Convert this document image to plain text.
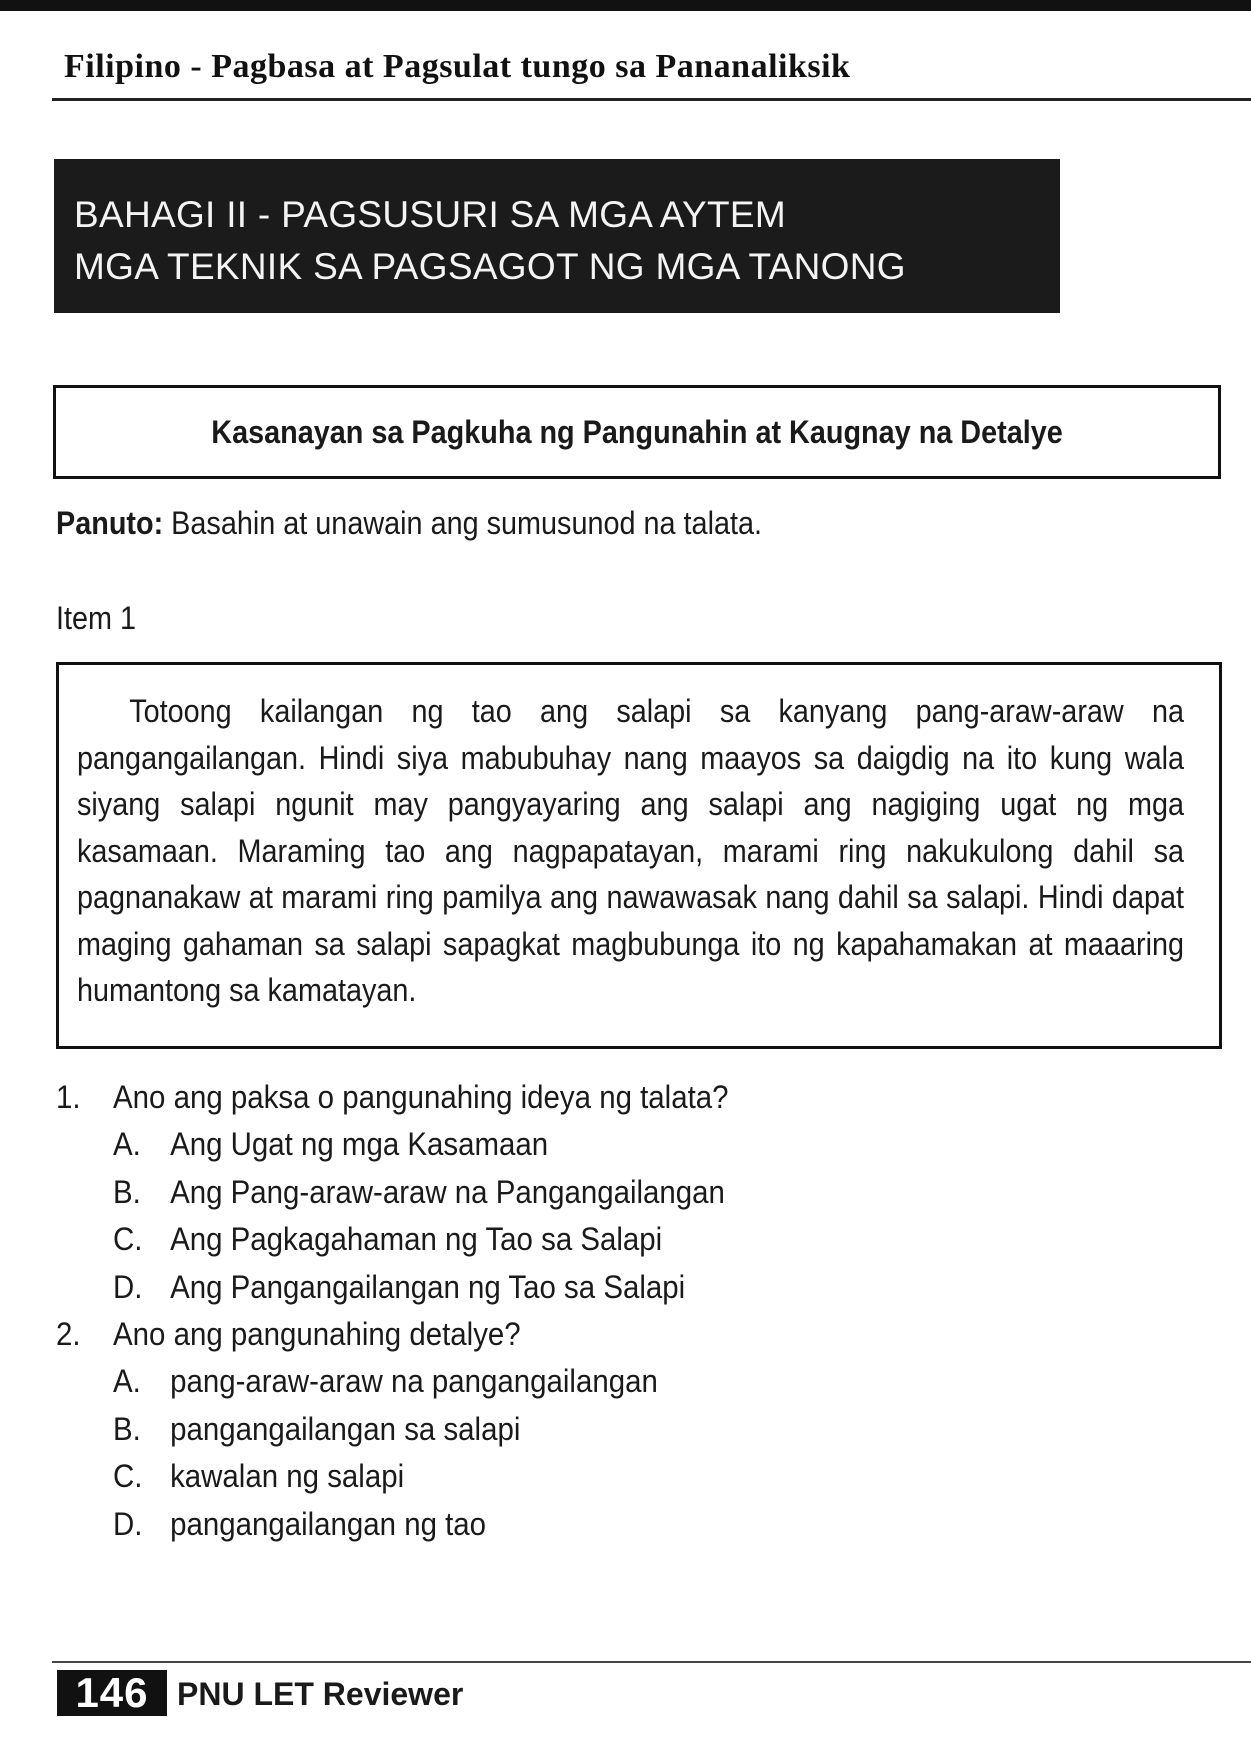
Filipino - Pagbasa at Pagsulat tungo sa Pananaliksik
BAHAGI II - PAGSUSURI SA MGA AYTEM
MGA TEKNIK SA PAGSAGOT NG MGA TANONG
Kasanayan sa Pagkuha ng Pangunahin at Kaugnay na Detalye
Panuto: Basahin at unawain ang sumusunod na talata.
Item 1

Totoong kailangan ng tao ang salapi sa kanyang pang-araw-araw na pangangailangan. Hindi siya mabubuhay nang maayos sa daigdig na ito kung wala siyang salapi ngunit may pangyayaring ang salapi ang nagiging ugat ng mga kasamaan. Maraming tao ang nagpapatayan, marami ring nakukulong dahil sa pagnanakaw at marami ring pamilya ang nawawasak nang dahil sa salapi. Hindi dapat maging gahaman sa salapi sapagkat magbubunga ito ng kapahamakan at maaaring humantong sa kamatayan.

1.	Ano ang paksa o pangunahing ideya ng talata?
A. Ang Ugat ng mga Kasamaan
B. Ang Pang-araw-araw na Pangangailangan
C. Ang Pagkagahaman ng Tao sa Salapi
D. Ang Pangangailangan ng Tao sa Salapi
2.	Ano ang pangunahing detalye?
A. pang-araw-araw na pangangailangan
B. pangangailangan sa salapi
C. kawalan ng salapi
D. pangangailangan ng tao
146 PNU LET Reviewer
